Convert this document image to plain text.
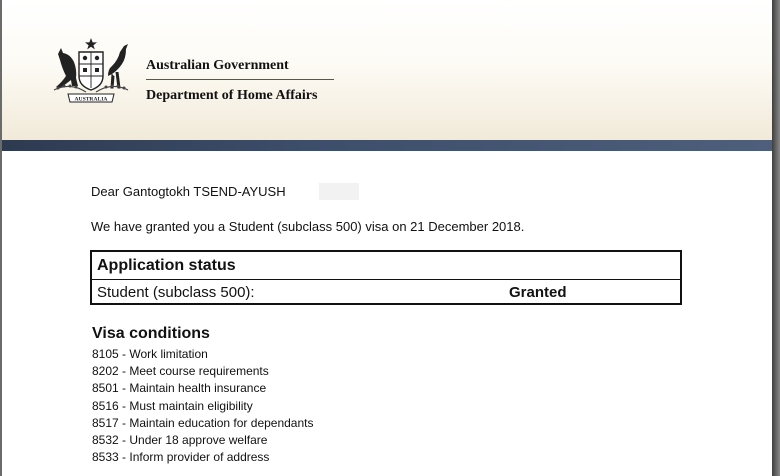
AUSTRALIA
Australian Government
Department of Home Affairs
Dear Gantogtokh TSEND-AYUSH
We have granted you a Student (subclass 500) visa on 21 December 2018.
Application status
Student (subclass 500):	Granted
Visa conditions
8105 - Work limitation
8202 - Meet course requirements
8501 - Maintain health insurance
8516 - Must maintain eligibility
8517 - Maintain education for dependants
8532 - Under 18 approve welfare
8533 - Inform provider of address
